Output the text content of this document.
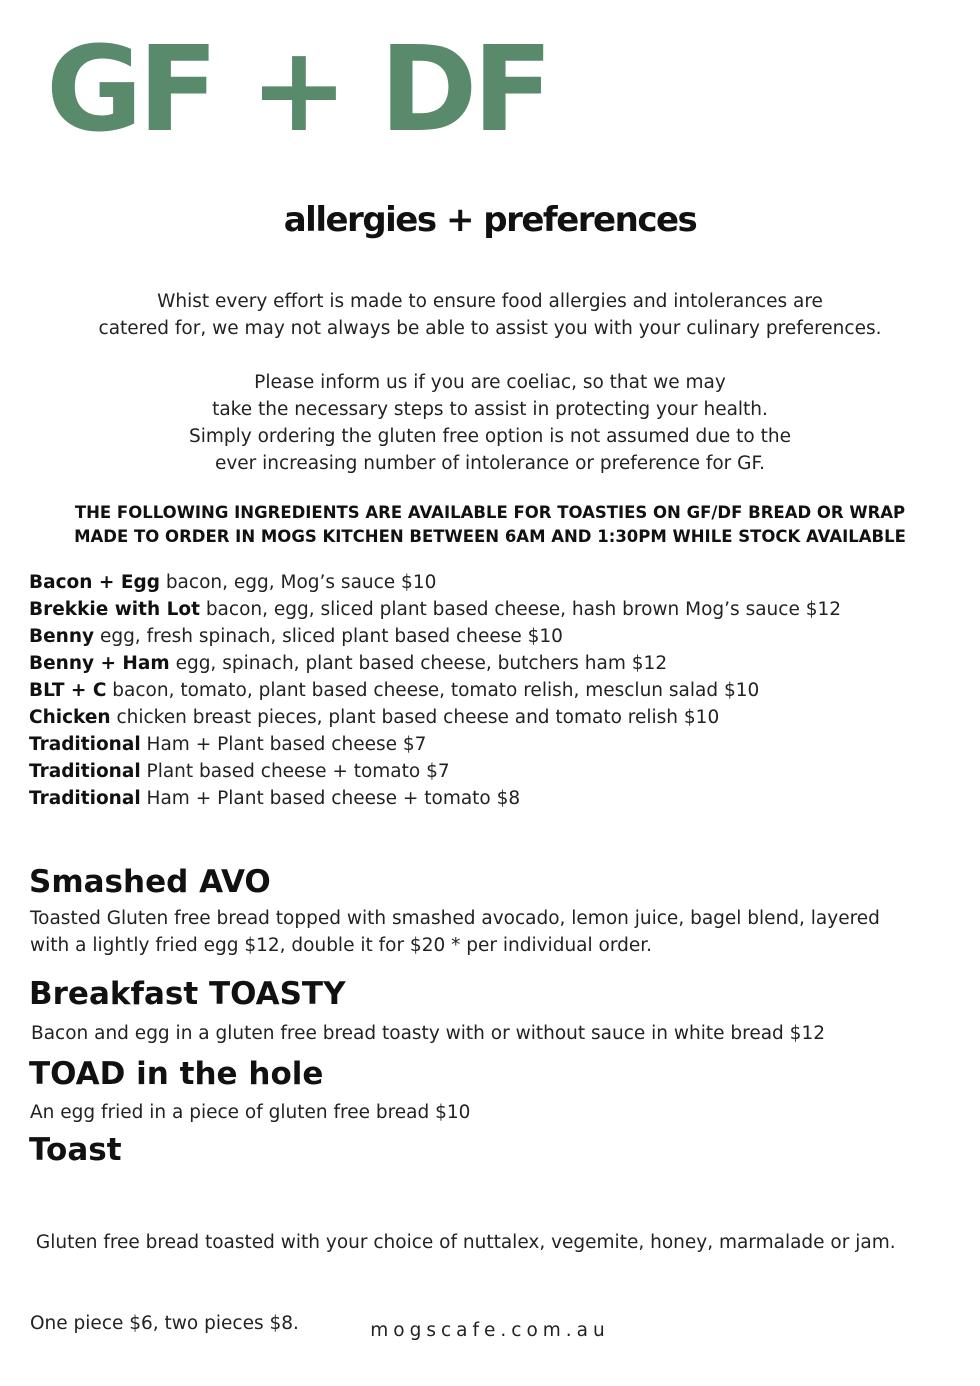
GF + DF
allergies + preferences

Whist every effort is made to ensure food allergies and intolerances are

catered for, we may not always be able to assist you with your culinary preferences.

Please inform us if you are coeliac, so that we may

take the necessary steps to assist in protecting your health.

Simply ordering the gluten free option is not assumed due to the

ever increasing number of intolerance or preference for GF.

THE FOLLOWING INGREDIENTS ARE AVAILABLE FOR TOASTIES ON GF/DF BREAD OR WRAP
MADE TO ORDER IN MOGS KITCHEN BETWEEN 6AM AND 1:30PM WHILE STOCK AVAILABLE
Bacon + Egg bacon, egg, Mog’s sauce $10
Brekkie with Lot bacon, egg, sliced plant based cheese, hash brown Mog’s sauce $12
Benny egg, fresh spinach, sliced plant based cheese $10
Benny + Ham egg, spinach, plant based cheese, butchers ham $12
BLT + C bacon, tomato, plant based cheese, tomato relish, mesclun salad $10
Chicken chicken breast pieces, plant based cheese and tomato relish $10
Traditional Ham + Plant based cheese $7
Traditional Plant based cheese + tomato $7
Traditional Ham + Plant based cheese + tomato $8
Smashed AVO
Toasted Gluten free bread topped with smashed avocado, lemon juice, bagel blend, layered
with a lightly fried egg $12, double it for $20 * per individual order.
Breakfast TOASTY
Bacon and egg in a gluten free bread toasty with or without sauce in white bread $12
TOAD in the hole
An egg fried in a piece of gluten free bread $10
Toast

Gluten free bread toasted with your choice of nuttalex, vegemite, honey, marmalade or jam.

One piece $6, two pieces $8.	mogscafe.com.au
